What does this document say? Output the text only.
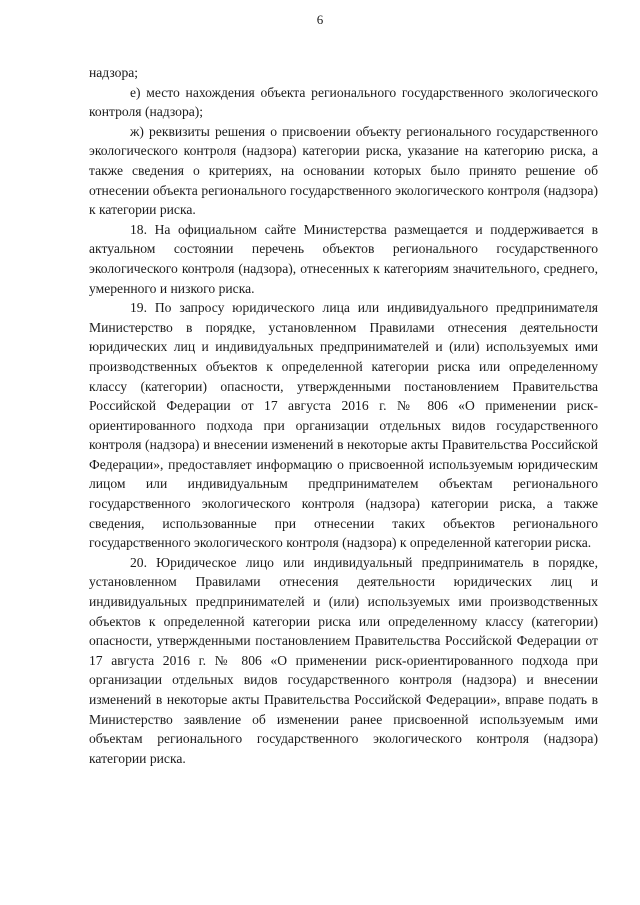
6

надзора;

е) место нахождения объекта регионального государственного экологического контроля (надзора);

ж) реквизиты решения о присвоении объекту регионального государственного экологического контроля (надзора) категории риска, указание на категорию риска, а также сведения о критериях, на основании которых было принято решение об отнесении объекта регионального государственного экологического контроля (надзора) к категории риска.

18. На официальном сайте Министерства размещается и поддерживается в актуальном состоянии перечень объектов регионального государственного экологического контроля (надзора), отнесенных к категориям значительного, среднего, умеренного и низкого риска.

19. По запросу юридического лица или индивидуального предпринимателя Министерство в порядке, установленном Правилами отнесения деятельности юридических лиц и индивидуальных предпринимателей и (или) используемых ими производственных объектов к определенной категории риска или определенному классу (категории) опасности, утвержденными постановлением Правительства Российской Федерации от 17 августа 2016 г. № 806 «О применении риск-ориентированного подхода при организации отдельных видов государственного контроля (надзора) и внесении изменений в некоторые акты Правительства Российской Федерации», предоставляет информацию о присвоенной используемым юридическим лицом или индивидуальным предпринимателем объектам регионального государственного экологического контроля (надзора) категории риска, а также сведения, использованные при отнесении таких объектов регионального государственного экологического контроля (надзора) к определенной категории риска.

20. Юридическое лицо или индивидуальный предприниматель в порядке, установленном Правилами отнесения деятельности юридических лиц и индивидуальных предпринимателей и (или) используемых ими производственных объектов к определенной категории риска или определенному классу (категории) опасности, утвержденными постановлением Правительства Российской Федерации от 17 августа 2016 г. № 806 «О применении риск-ориентированного подхода при организации отдельных видов государственного контроля (надзора) и внесении изменений в некоторые акты Правительства Российской Федерации», вправе подать в Министерство заявление об изменении ранее присвоенной используемым ими объектам регионального государственного экологического контроля (надзора) категории риска.
